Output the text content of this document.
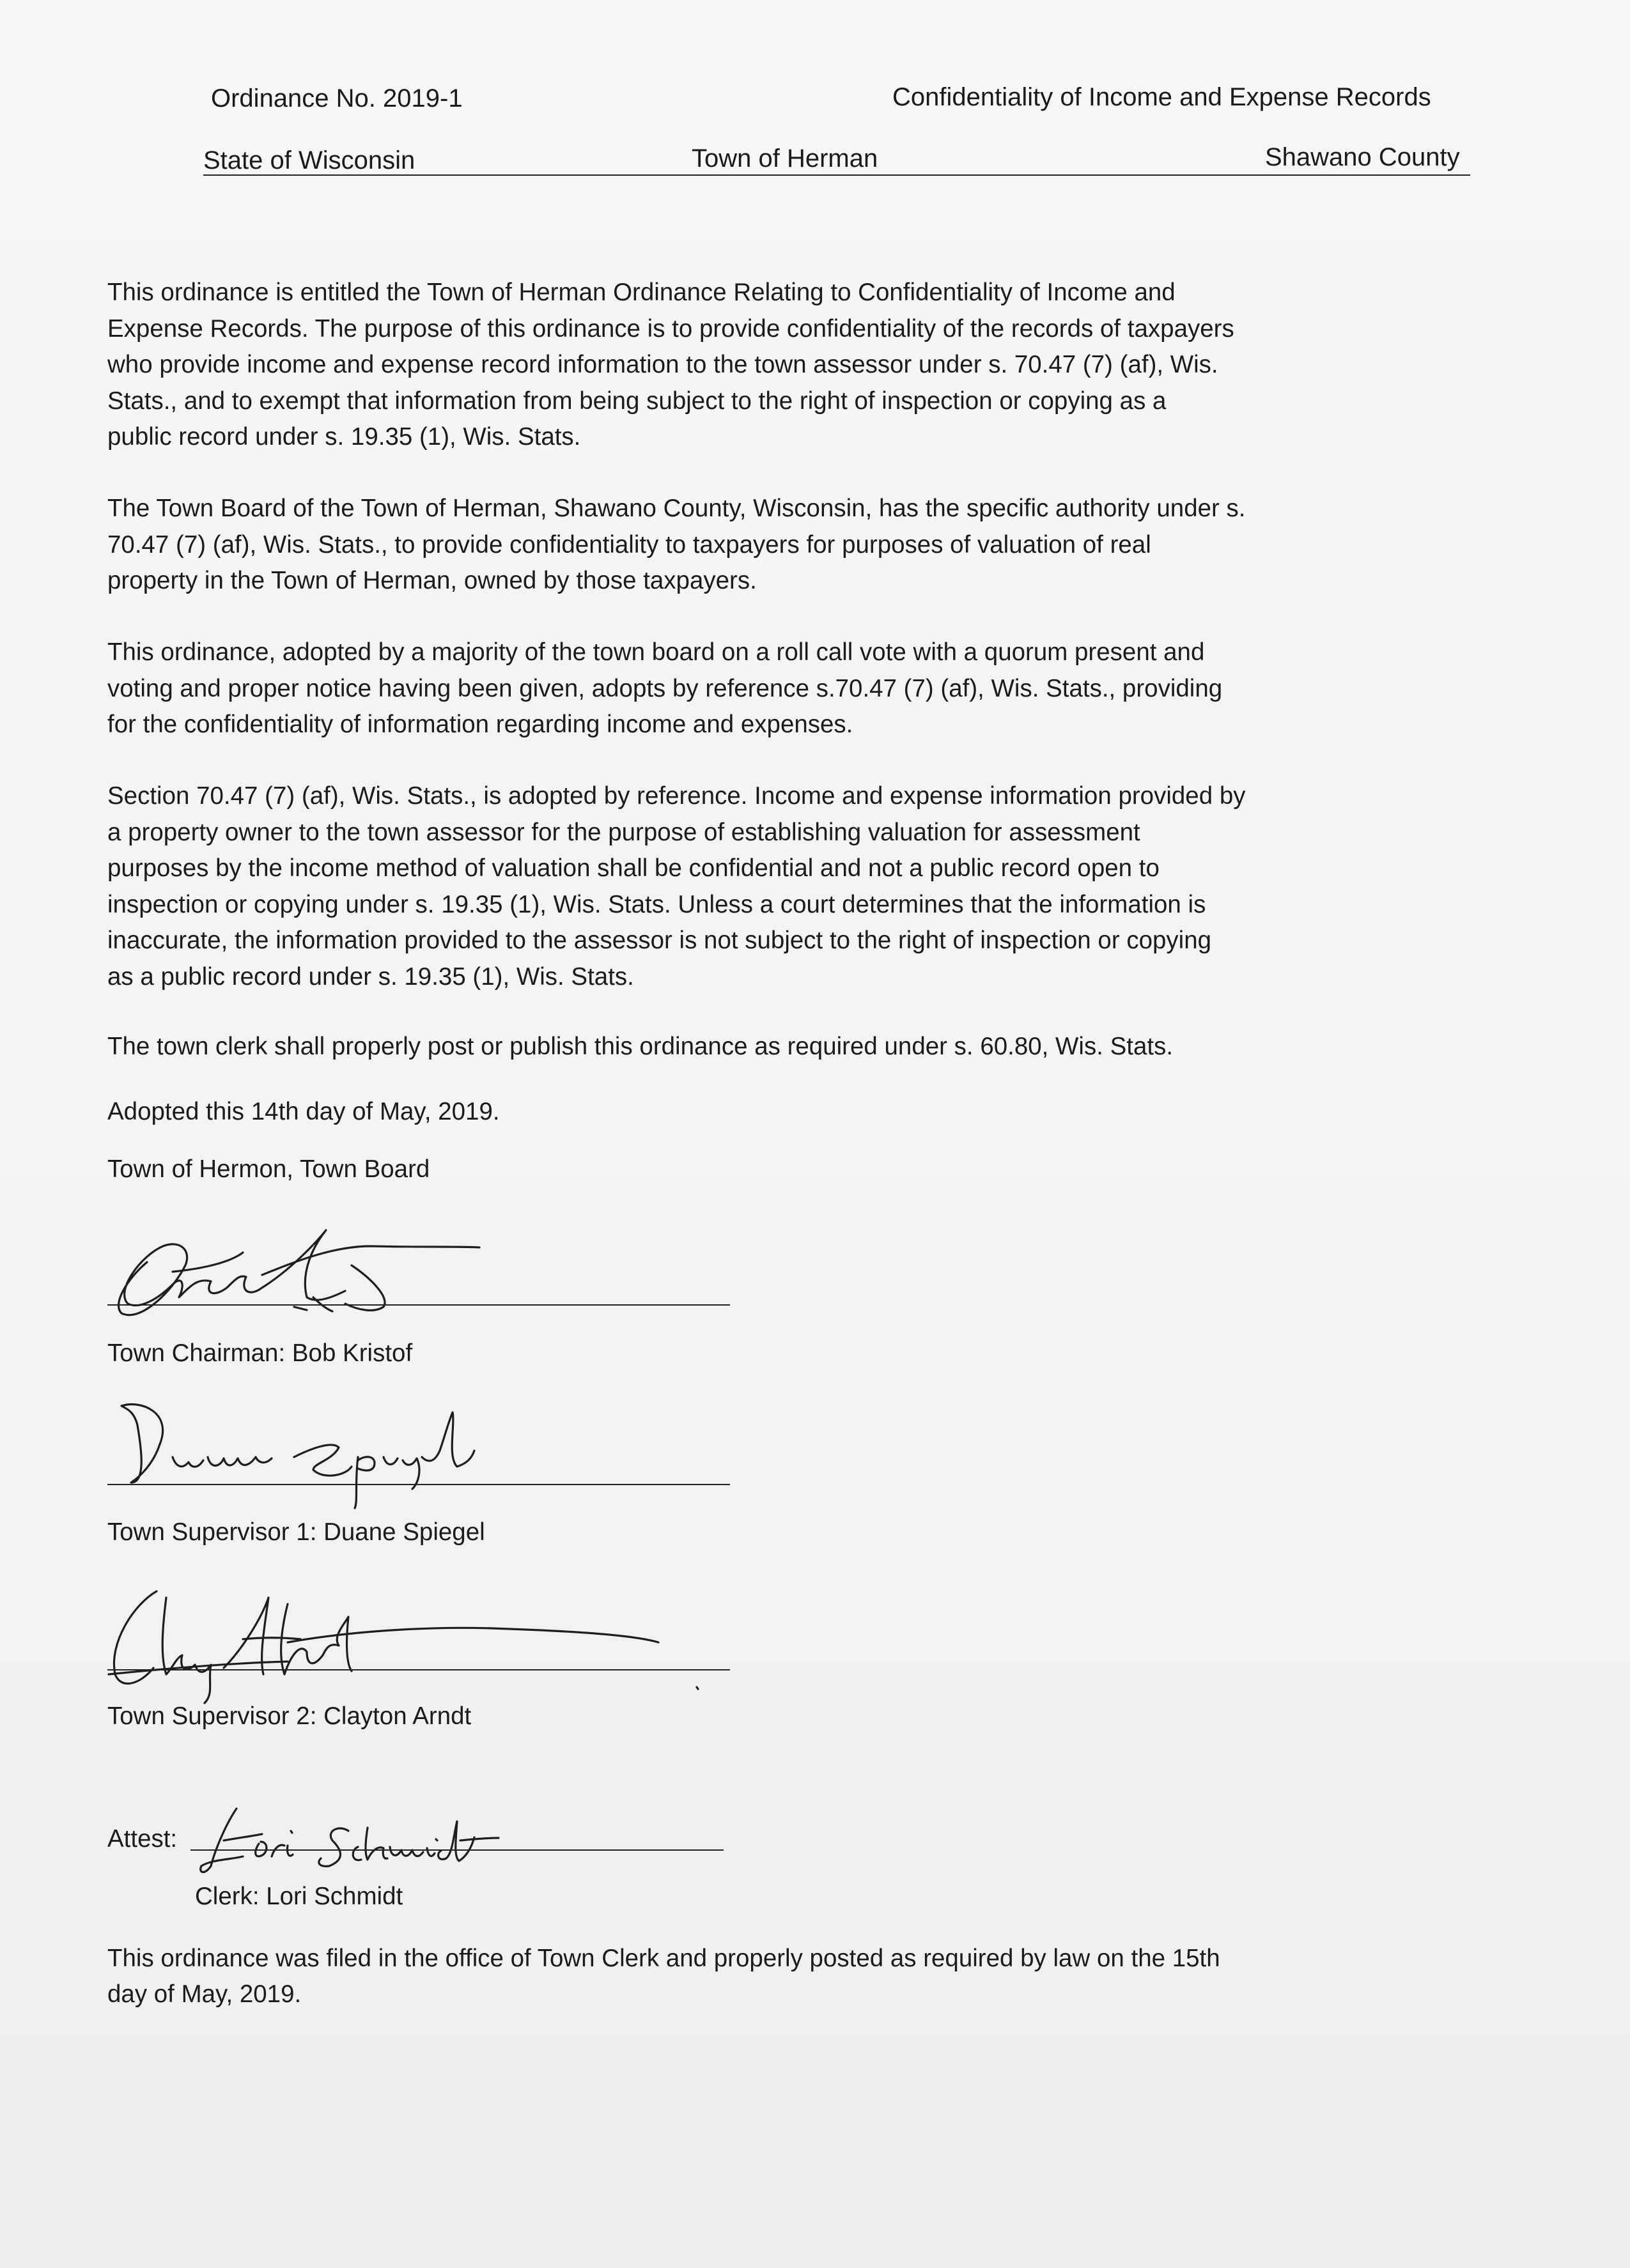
Ordinance No. 2019-1	Confidentiality of Income and Expense Records
State of Wisconsin	Town of Herman	Shawano County
This ordinance is entitled the Town of Herman Ordinance Relating to Confidentiality of Income and
Expense Records. The purpose of this ordinance is to provide confidentiality of the records of taxpayers
who provide income and expense record information to the town assessor under s. 70.47 (7) (af), Wis.
Stats., and to exempt that information from being subject to the right of inspection or copying as a
public record under s. 19.35 (1), Wis. Stats.
The Town Board of the Town of Herman, Shawano County, Wisconsin, has the specific authority under s.
70.47 (7) (af), Wis. Stats., to provide confidentiality to taxpayers for purposes of valuation of real
property in the Town of Herman, owned by those taxpayers.
This ordinance, adopted by a majority of the town board on a roll call vote with a quorum present and
voting and proper notice having been given, adopts by reference s.70.47 (7) (af), Wis. Stats., providing
for the confidentiality of information regarding income and expenses.
Section 70.47 (7) (af), Wis. Stats., is adopted by reference. Income and expense information provided by
a property owner to the town assessor for the purpose of establishing valuation for assessment
purposes by the income method of valuation shall be confidential and not a public record open to
inspection or copying under s. 19.35 (1), Wis. Stats. Unless a court determines that the information is
inaccurate, the information provided to the assessor is not subject to the right of inspection or copying
as a public record under s. 19.35 (1), Wis. Stats.
The town clerk shall properly post or publish this ordinance as required under s. 60.80, Wis. Stats.
Adopted this 14th day of May, 2019.
Town of Hermon, Town Board
Town Chairman: Bob Kristof
Town Supervisor 1: Duane Spiegel
Town Supervisor 2: Clayton Arndt
Attest:
Clerk: Lori Schmidt
This ordinance was filed in the office of Town Clerk and properly posted as required by law on the 15th
day of May, 2019.
